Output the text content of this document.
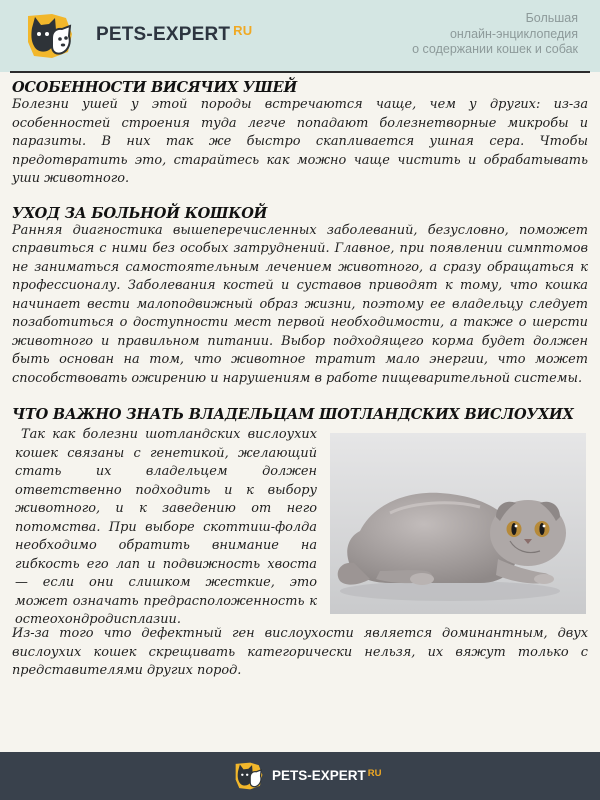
PETS-EXPERT $^{RU}$
Большая
онлайн-энциклопедия
о содержании кошек и собак
ОСОБЕННОСТИ ВИСЯЧИХ УШЕЙ

Болезни ушей у этой породы встречаются чаще, чем у других: из-за особенностей строения туда легче попадают болезнетворные микробы и паразиты. В них так же быстро скапливается ушная сера. Чтобы предотвратить это, старайтесь как можно чаще чистить и обрабатывать уши животного.

УХОД ЗА БОЛЬНОЙ КОШКОЙ

Ранняя диагностика вышеперечисленных заболеваний, безусловно, поможет справиться с ними без особых затруднений. Главное, при появлении симптомов не заниматься самостоятельным лечением животного, а сразу обращаться к профессионалу. Заболевания костей и суставов приводят к тому, что кошка начинает вести малоподвижный образ жизни, поэтому ее владельцу следует позаботиться о доступности мест первой необходимости, а также о шерсти животного и правильном питании. Выбор подходящего корма будет должен быть основан на том, что животное тратит мало энергии, что может способствовать ожирению и нарушениям в работе пищеварительной системы.

ЧТО ВАЖНО ЗНАТЬ ВЛАДЕЛЬЦАМ ШОТЛАНДСКИХ ВИСЛОУХИХ

Так как болезни шотландских вислоухих кошек связаны с генетикой, желающий стать их владельцем должен ответственно подходить и к выбору животного, и к заведению от него потомства. При выборе скоттиш-фолда необходимо обратить внимание на гибкость его лап и подвижность хвоста — если они слишком жесткие, это может означать предрасположенность к остеохондродисплазии.

Из-за того что дефектный ген вислоухости является доминантным, двух вислоухих кошек скрещивать категорически нельзя, их вяжут только с представителями других пород.

PETS-EXPERT $^{RU}$
